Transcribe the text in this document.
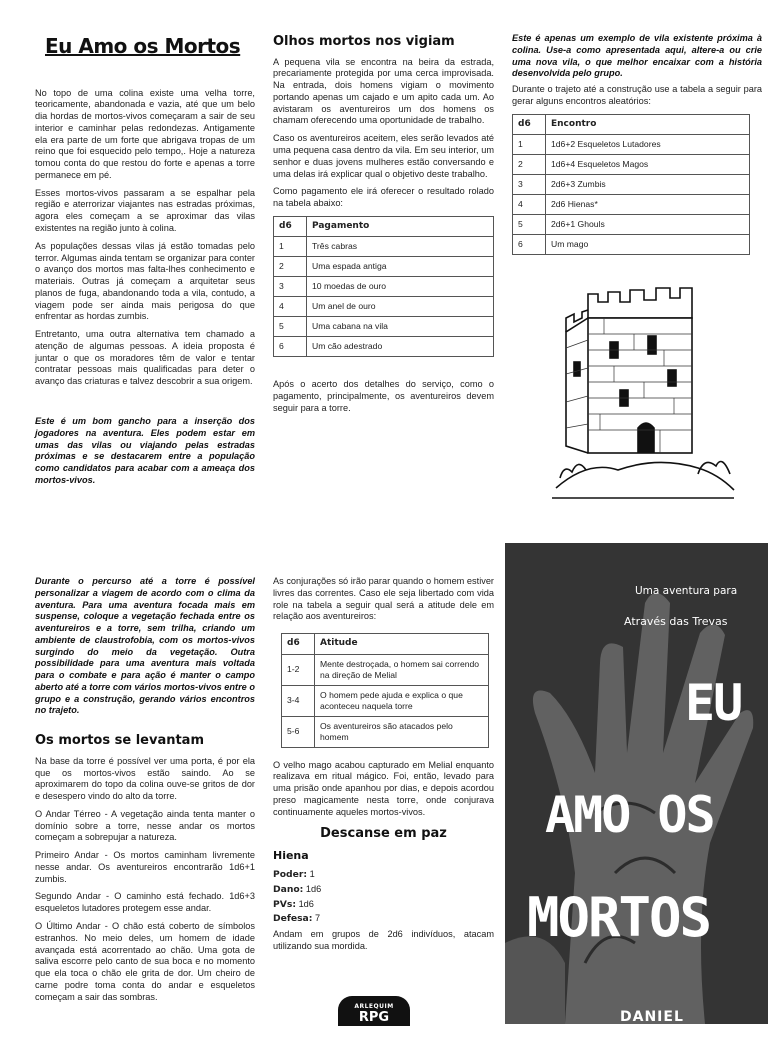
Eu Amo os Mortos

No topo de uma colina existe uma velha torre, teoricamente, abandonada e vazia, até que um belo dia hordas de mortos-vivos começaram a sair de seu interior e caminhar pelas redondezas. Antigamente ela era parte de um forte que abrigava tropas de um reino que foi esquecido pelo tempo,. Hoje a natureza tomou conta do que restou do forte e apenas a torre permanece em pé.

Esses mortos-vivos passaram a se espalhar pela região e aterrorizar viajantes nas estradas próximas, agora eles começam a se aproximar das vilas existentes na região junto à colina.

As populações dessas vilas já estão tomadas pelo terror. Algumas ainda tentam se organizar para conter o avanço dos mortos mas falta-lhes conhecimento e materiais. Outras já começam a arquitetar seus planos de fuga, abandonando toda a vila, contudo, a viagem pode ser ainda mais perigosa do que enfrentar as hordas zumbis.

Entretanto, uma outra alternativa tem chamado a atenção de algumas pessoas. A ideia proposta é juntar o que os moradores têm de valor e tentar contratar pessoas mais qualificadas para deter o avanço das criaturas e talvez descobrir a sua origem.

Este é um bom gancho para a inserção dos jogadores na aventura. Eles podem estar em umas das vilas ou viajando pelas estradas próximas e se destacarem entre a população como candidatos para acabar com a ameaça dos mortos-vivos.
Olhos mortos nos vigiam

A pequena vila se encontra na beira da estrada, precariamente protegida por uma cerca improvisada. Na entrada, dois homens vigiam o movimento portando apenas um cajado e um apito cada um. Ao avistaram os aventureiros um dos homens os chamam oferecendo uma oportunidade de trabalho.

Caso os aventureiros aceitem, eles serão levados até uma pequena casa dentro da vila. Em seu interior, um senhor e duas jovens mulheres estão conversando e uma delas irá explicar qual o objetivo deste trabalho.

Como pagamento ele irá oferecer o resultado rolado na tabela abaixo:

d6	Pagamento
1	Três cabras
2	Uma espada antiga
3	10 moedas de ouro
4	Um anel de ouro
5	Uma cabana na vila
6	Um cão adestrado

Após o acerto dos detalhes do serviço, como o pagamento, principalmente, os aventureiros devem seguir para a torre.

Este é apenas um exemplo de vila existente próxima à colina. Use-a como apresentada aqui, altere-a ou crie uma nova vila, o que melhor encaixar com a história desenvolvida pelo grupo.

Durante o trajeto até a construção use a tabela a seguir para gerar alguns encontros aleatórios:

d6	Encontro
1	1d6+2 Esqueletos Lutadores
2	1d6+4 Esqueletos Magos
3	2d6+3 Zumbis
4	2d6 Hienas*
5	2d6+1 Ghouls
6	Um mago
Durante o percurso até a torre é possível personalizar a viagem de acordo com o clima da aventura. Para uma aventura focada mais em suspense, coloque a vegetação fechada entre os aventureiros e a torre, sem trilha, criando um ambiente de claustrofobia, com os mortos-vivos surgindo do meio da vegetação. Outra possibilidade para uma aventura mais voltada para o combate e para ação é manter o campo aberto até a torre com vários mortos-vivos entre o grupo e a construção, gerando vários encontros no trajeto.
Os mortos se levantam

Na base da torre é possível ver uma porta, é por ela que os mortos-vivos estão saindo. Ao se aproximarem do topo da colina ouve-se gritos de dor e desespero vindo do alto da torre.

O Andar Térreo - A vegetação ainda tenta manter o domínio sobre a torre, nesse andar os mortos começam a sobrepujar a natureza.

Primeiro Andar - Os mortos caminham livremente nesse andar. Os aventureiros encontrarão 1d6+1 zumbis.

Segundo Andar - O caminho está fechado. 1d6+3 esqueletos lutadores protegem esse andar.

O Último Andar - O chão está coberto de símbolos estranhos. No meio deles, um homem de idade avançada está acorrentado ao chão. Uma gota de saliva escorre pelo canto de sua boca e no momento que ela toca o chão ele grita de dor. Um cheiro de carne podre toma conta do andar e esqueletos começam a sair das sombras.

As conjurações só irão parar quando o homem estiver livres das correntes. Caso ele seja libertado com vida role na tabela a seguir qual será a atitude dele em relação aos aventureiros:

d6	Atitude
1-2	Mente destroçada, o homem sai correndo na direção de Melial
3-4	O homem pede ajuda e explica o que aconteceu naquela torre
5-6	Os aventureiros são atacados pelo homem

O velho mago acabou capturado em Melial enquanto realizava em ritual mágico. Foi, então, levado para uma prisão onde apanhou por dias, e depois acordou preso magicamente nesta torre, onde conjurava continuamente aqueles mortos-vivos.

Descanse em paz
Hiena
Poder: 1
Dano: 1d6
PVs: 1d6
Defesa: 7

Andam em grupos de 2d6 indivíduos, atacam utilizando sua mordida.

ARLEQUIM
RPG
Uma aventura para
Através das Trevas
EU
AMO OS
MORTOS
DANIEL MIRANDA
